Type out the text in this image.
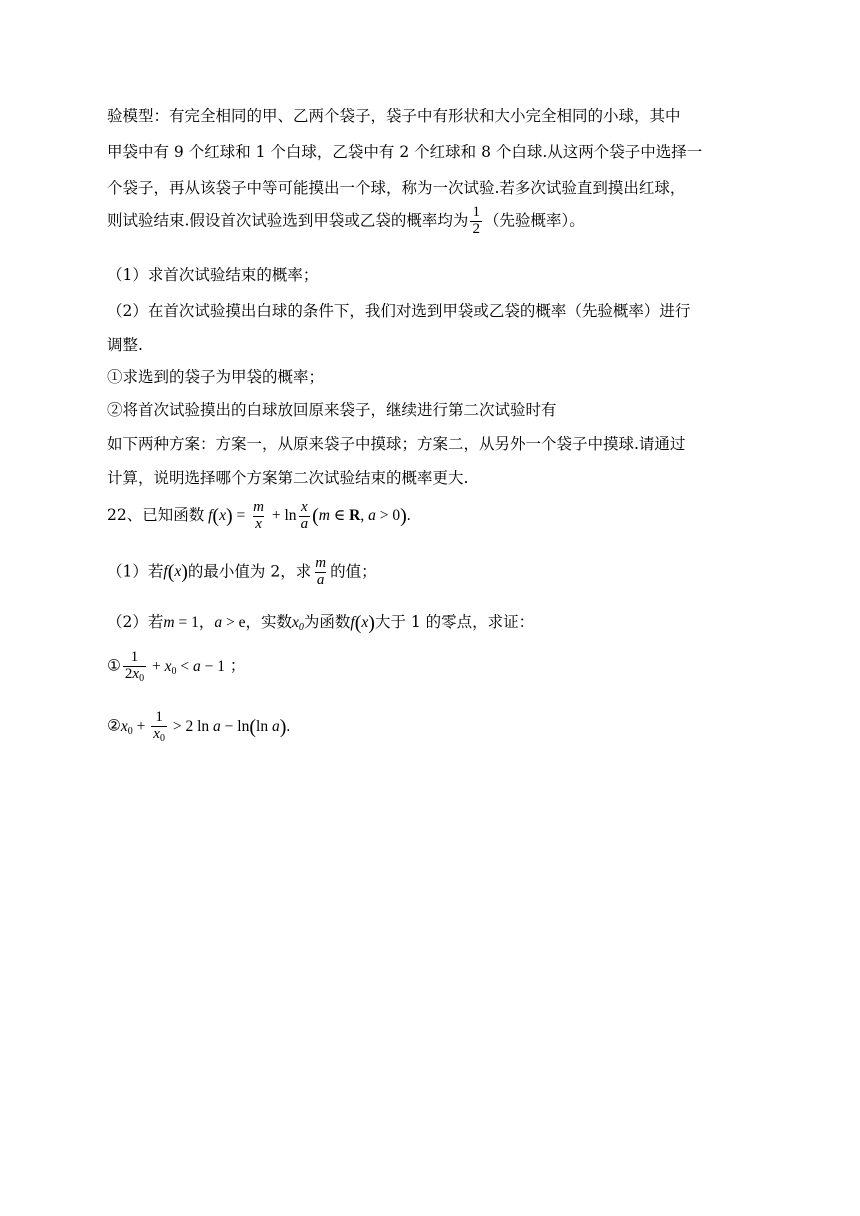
验模型：有完全相同的甲、乙两个袋子，袋子中有形状和大小完全相同的小球，其中
甲袋中有 9 个红球和 1 个白球，乙袋中有 2 个红球和 8 个白球.从这两个袋子中选择一
个袋子，再从该袋子中等可能摸出一个球，称为一次试验.若多次试验直到摸出红球，
则试验结束.假设首次试验选到甲袋或乙袋的概率均为 $\frac{1}{2}$ （先验概率）。
（1）求首次试验结束的概率；
（2）在首次试验摸出白球的条件下，我们对选到甲袋或乙袋的概率（先验概率）进行
调整.
①求选到的袋子为甲袋的概率；
②将首次试验摸出的白球放回原来袋子，继续进行第二次试验时有
如下两种方案：方案一，从原来袋子中摸球；方案二，从另外一个袋子中摸球.请通过
计算，说明选择哪个方案第二次试验结束的概率更大.
22、已知函数 $f(x) = \frac{m}{x} + \ln \frac{x}{a} (m$ ∈ R, a > 0).
（1）若f(x)的最小值为 2，求 $\frac{m}{a}$ 的值；
（2）若m = 1，a > e，实数$x_0$为函数f(x)大于 1 的零点，求证：
① $\frac{1}{2x_0} + x_0 < a - 1$ ；
$②x_0 + \frac{1}{x_0} > 2$ ln a − ln(ln a).
